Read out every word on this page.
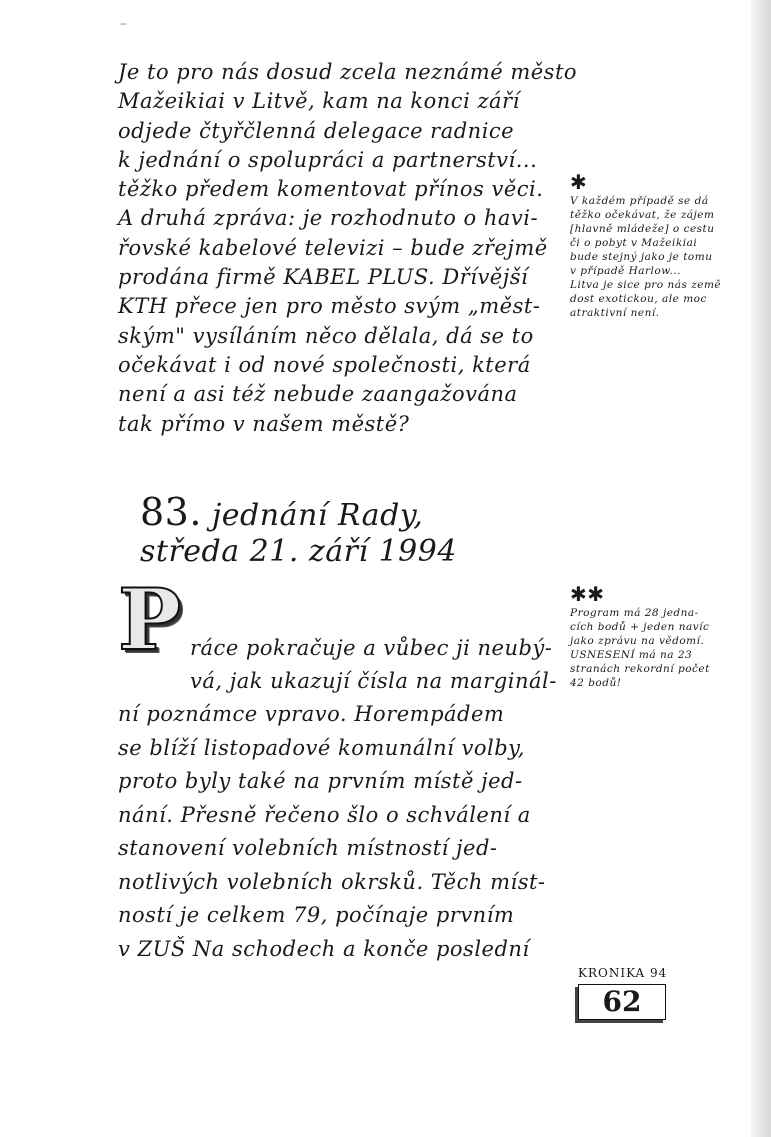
–
Je to pro nás dosud zcela neznámé město
Mažeikiai v Litvě, kam na konci září
odjede čtyřčlenná delegace radnice
k jednání o spolupráci a partnerství...
těžko předem komentovat přínos věci.
A druhá zpráva: je rozhodnuto o havi-
řovské kabelové televizi – bude zřejmě
prodána firmě KABEL PLUS. Dřívější
KTH přece jen pro město svým „měst-
ským" vysíláním něco dělala, dá se to
očekávat i od nové společnosti, která
není a asi též nebude zaangažována
tak přímo v našem městě?
83. jednání Rady,
středa 21. září 1994
P ráce pokračuje a vůbec ji neubý-
vá, jak ukazují čísla na marginál-
ní poznámce vpravo. Horempádem
se blíží listopadové komunální volby,
proto byly také na prvním místě jed-
nání. Přesně řečeno šlo o schválení a
stanovení volebních místností jed-
notlivých volebních okrsků. Těch míst-
ností je celkem 79, počínaje prvním
v ZUŠ Na schodech a konče poslední
✱
V každém případě se dá
těžko očekávat, že zájem
[hlavně mládeže] o cestu
či o pobyt v Mažeikiai
bude stejný jako je tomu
v případě Harlow...
Litva je sice pro nás země
dost exotickou, ale moc
atraktivní není.
✱✱
Program má 28 jedna-
cích bodů + jeden navíc
jako zprávu na vědomí.
USNESENÍ má na 23
stranách rekordní počet
42 bodů!
KRONIKA 94
62
